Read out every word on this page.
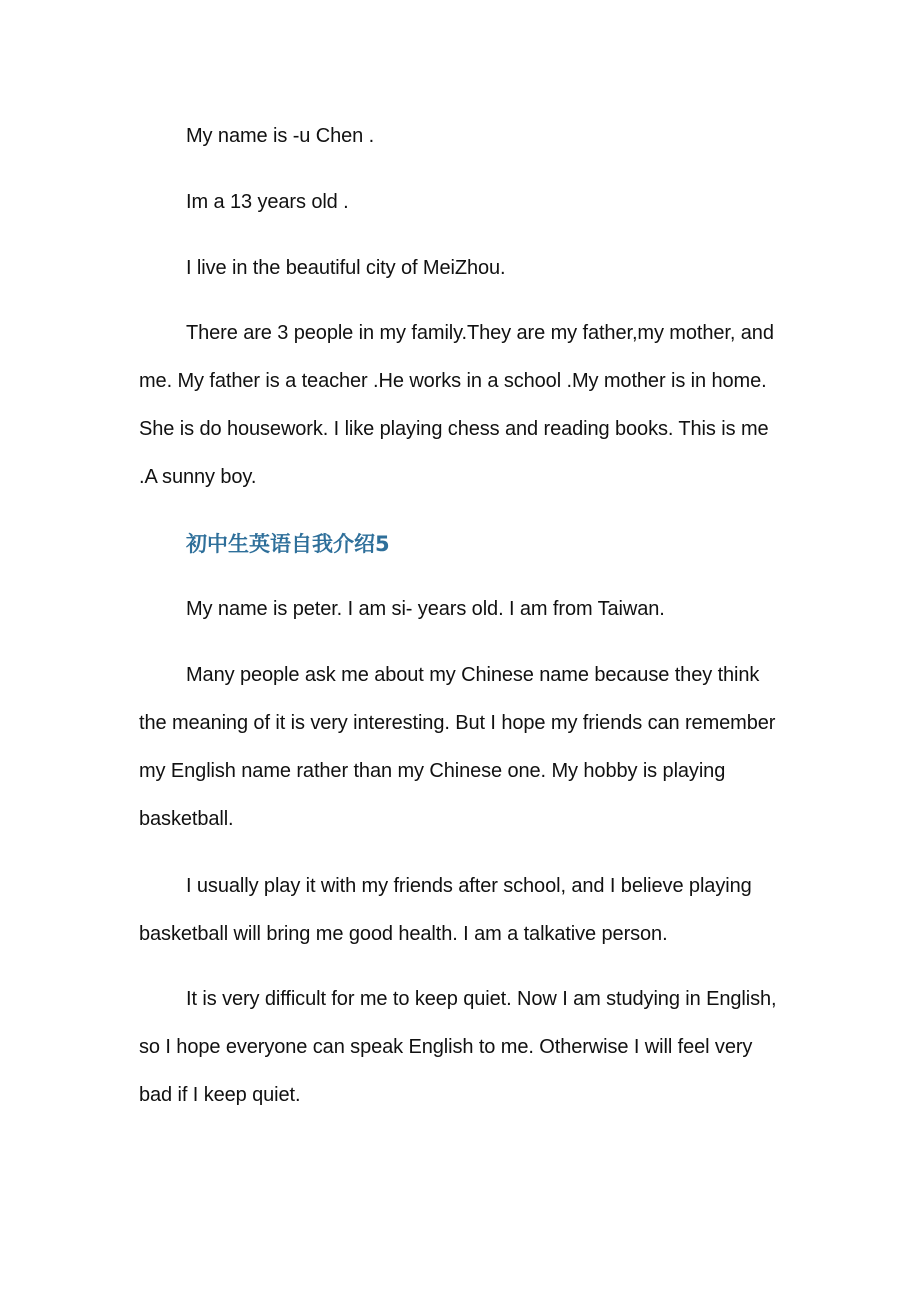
My name is -u Chen .

Im a 13 years old .

I live in the beautiful city of MeiZhou.

There are 3 people in my family.They are my father,my mother, and me. My father is a teacher .He works in a school .My mother is in home. She is do housework. I like playing chess and reading books. This is me .A sunny boy.

初中生英语自我介绍5

My name is peter. I am si- years old. I am from Taiwan.

Many people ask me about my Chinese name because they think the meaning of it is very interesting. But I hope my friends can remember my English name rather than my Chinese one. My hobby is playing basketball.

I usually play it with my friends after school, and I believe playing basketball will bring me good health. I am a talkative person.

It is very difficult for me to keep quiet. Now I am studying in English, so I hope everyone can speak English to me. Otherwise I will feel very bad if I keep quiet.
